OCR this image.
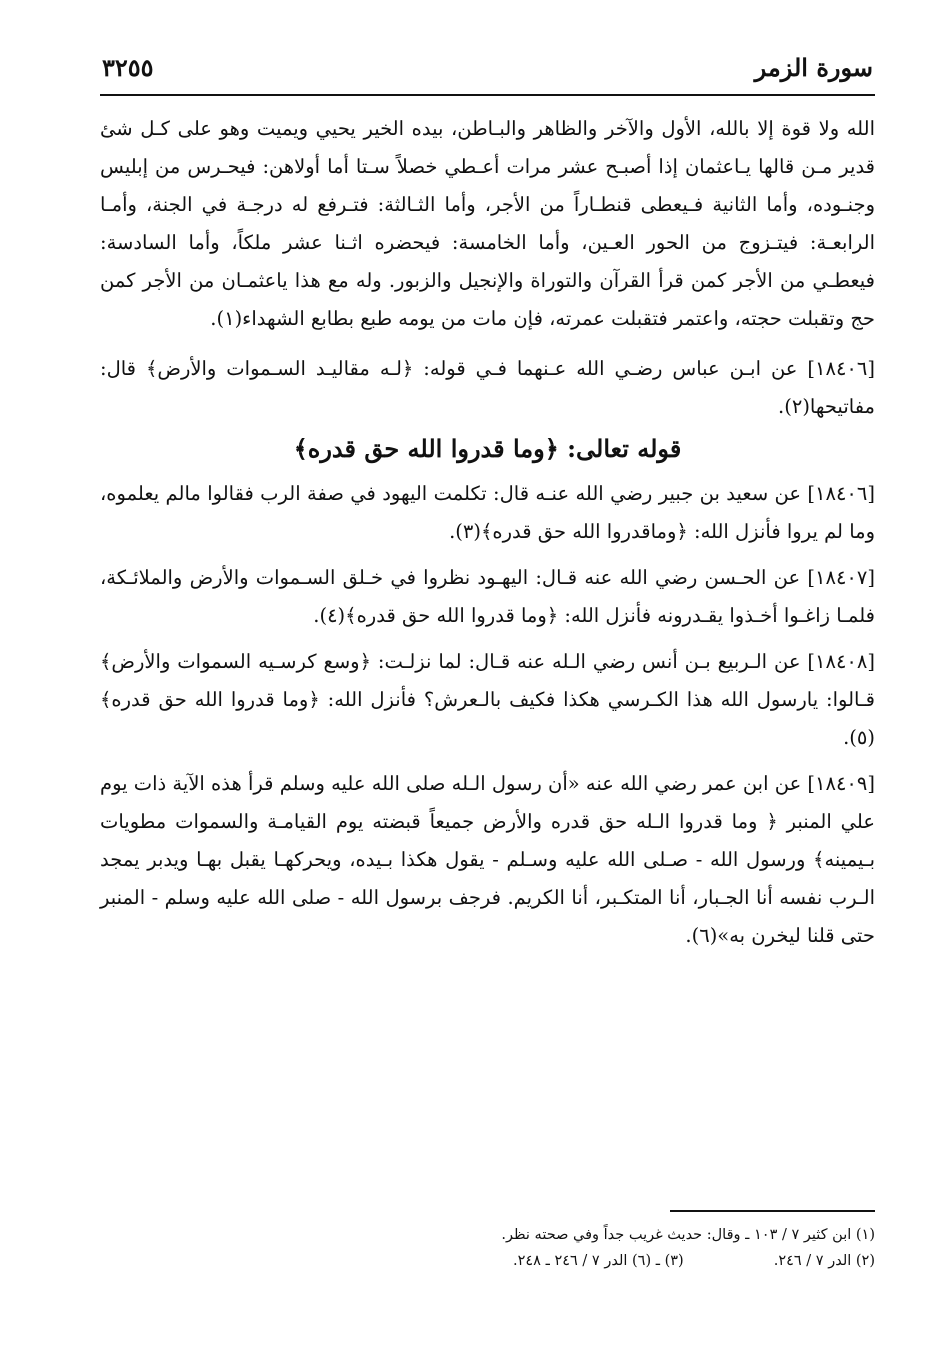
سورة الزمر
٣٢٥٥

الله ولا قوة إلا بالله، الأول والآخر والظاهر والبـاطن، بيده الخير يحيي ويميت وهو على كـل شئ قدير مـن قالها يـاعثمان إذا أصبـح عشر مرات أعـطي خصلاً سـتا أما أولاهن: فيحـرس من إبليس وجنـوده، وأما الثانية فـيعطى قنطـاراً من الأجر، وأما الثـالثة: فتـرفع له درجـة في الجنة، وأمـا الرابعـة: فيتـزوج من الحور العـين، وأما الخامسة: فيحضره اثـنا عشر ملكاً، وأما السادسة: فيعطـي من الأجر كمن قرأ القرآن والتوراة والإنجيل والزبور. وله مع هذا ياعثمـان من الأجر كمن حج وتقبلت حجته، واعتمر فتقبلت عمرته، فإن مات من يومه طبع بطابع الشهداء(١).

[١٨٤٠٦] عن ابـن عباس رضـي الله عـنهما فـي قوله: ﴿لـه مقاليـد السـموات والأرض﴾ قال: مفاتيحها(٢).

قوله تعالى: ﴿وما قدروا الله حق قدره﴾

[١٨٤٠٦] عن سعيد بن جبير رضي الله عنـه قال: تكلمت اليهود في صفة الرب فقالوا مالم يعلموه، وما لم يروا فأنزل الله: ﴿وماقدروا الله حق قدره﴾(٣).

[١٨٤٠٧] عن الحـسن رضي الله عنه قـال: اليهـود نظروا في خـلق السـموات والأرض والملائـكة، فلمـا زاغـوا أخـذوا يقـدرونه فأنزل الله: ﴿وما قدروا الله حق قدره﴾(٤).

[١٨٤٠٨] عن الـربيع بـن أنس رضي الـله عنه قـال: لما نزلـت: ﴿وسع كرسـيه السموات والأرض﴾ قـالوا: يارسول الله هذا الكـرسي هكذا فكيف بالـعرش؟ فأنزل الله: ﴿وما قدروا الله حق قدره﴾(٥).

[١٨٤٠٩] عن ابن عمر رضي الله عنه «أن رسول الـله صلى الله عليه وسلم قرأ هذه الآية ذات يوم علي المنبر ﴿ وما قدروا الـله حق قدره والأرض جميعاً قبضته يوم القيامـة والسموات مطويات بـيمينه﴾ ورسول الله - صـلى الله عليه وسـلم - يقول هكذا بـيده، ويحركهـا يقبل بهـا ويدبر يمجد الـرب نفسه أنا الجـبار، أنا المتكـبر، أنا الكريم. فرجف برسول الله - صلى الله عليه وسلم - المنبر حتى قلنا ليخرن به»(٦).

(١) ابن كثير ٧ / ١٠٣ ـ وقال: حديث غريب جداً وفي صحته نظر.
(٢) الدر ٧ / ٢٤٦.
(٣) ـ (٦) الدر ٧ / ٢٤٦ ـ ٢٤٨.
